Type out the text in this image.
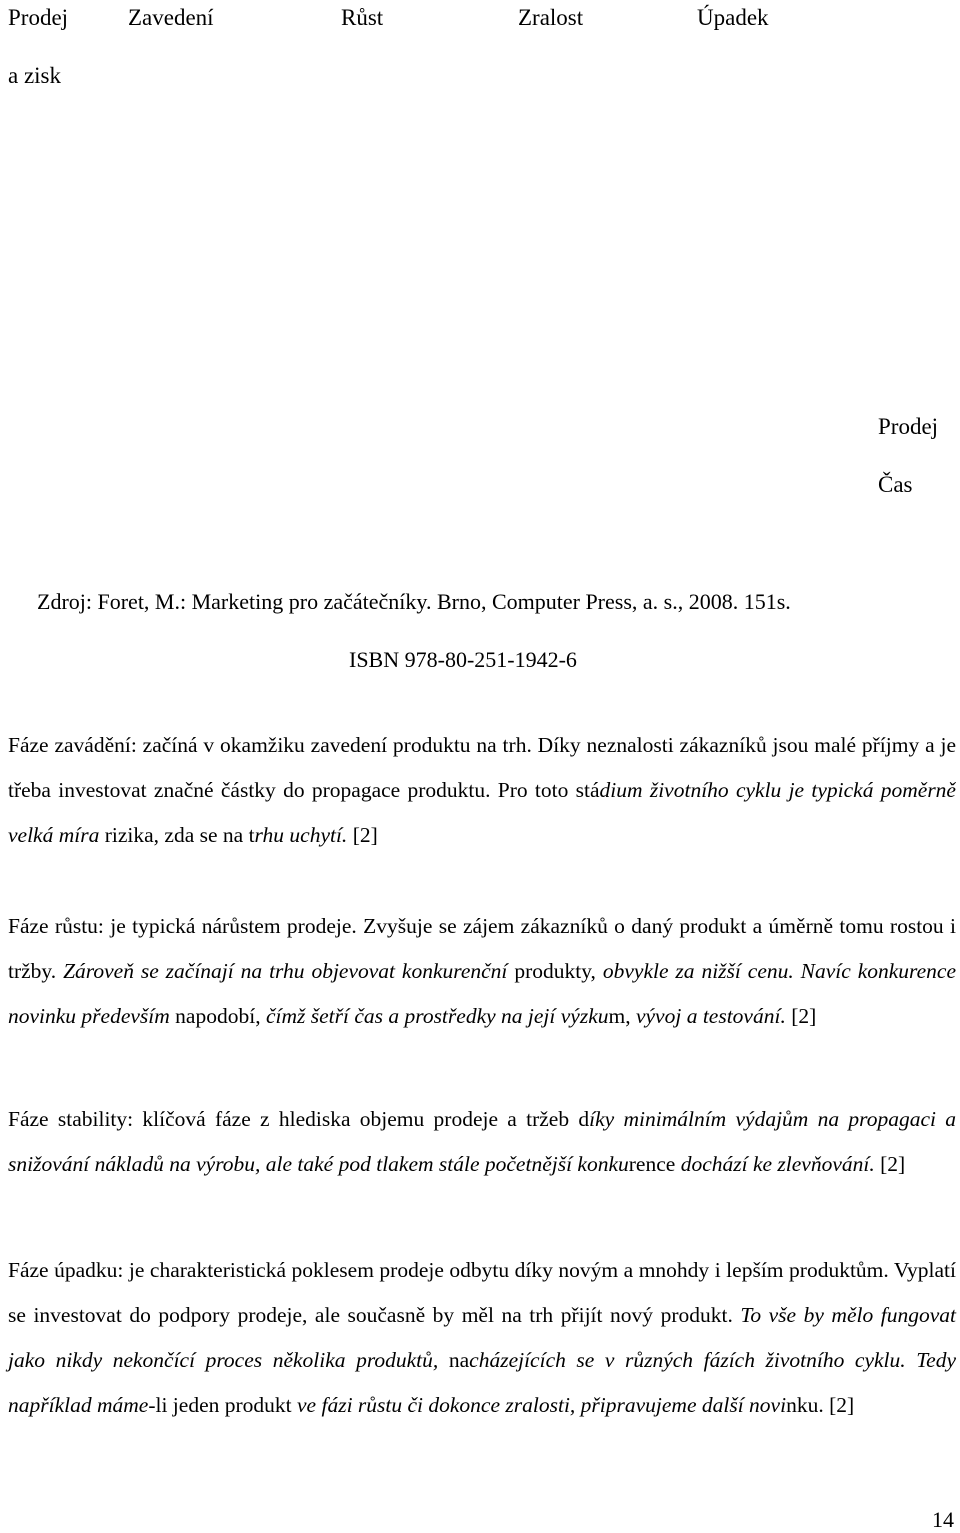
Prodej	Zavedení	Růst	Zralost	Úpadek
a zisk
Prodej
Čas
Zdroj: Foret, M.: Marketing pro začátečníky. Brno, Computer Press, a. s., 2008. 151s.
ISBN 978-80-251-1942-6
Fáze zavádění: začíná v okamžiku zavedení produktu na trh. Díky neznalosti zákazníků jsou malé příjmy a je třeba investovat značné částky do propagace produktu. Pro toto stádium životního cyklu je typická poměrně velká míra rizika, zda se na trhu uchytí. [2]
Fáze růstu: je typická nárůstem prodeje. Zvyšuje se zájem zákazníků o daný produkt a úměrně tomu rostou i tržby. Zároveň se začínají na trhu objevovat konkurenční produkty, obvykle za nižší cenu. Navíc konkurence novinku především napodobí, čímž šetří čas a prostředky na její výzkum, vývoj a testování. [2]
Fáze stability: klíčová fáze z hlediska objemu prodeje a tržeb díky minimálním výdajům na propagaci a snižování nákladů na výrobu, ale také pod tlakem stále početnější konkurence dochází ke zlevňování. [2]
Fáze úpadku: je charakteristická poklesem prodeje odbytu díky novým a mnohdy i lepším produktům. Vyplatí se investovat do podpory prodeje, ale současně by měl na trh přijít nový produkt. To vše by mělo fungovat jako nikdy nekončící proces několika produktů, nacházejících se v různých fázích životního cyklu. Tedy například máme-li jeden produkt ve fázi růstu či dokonce zralosti, připravujeme další novinku. [2]
14
